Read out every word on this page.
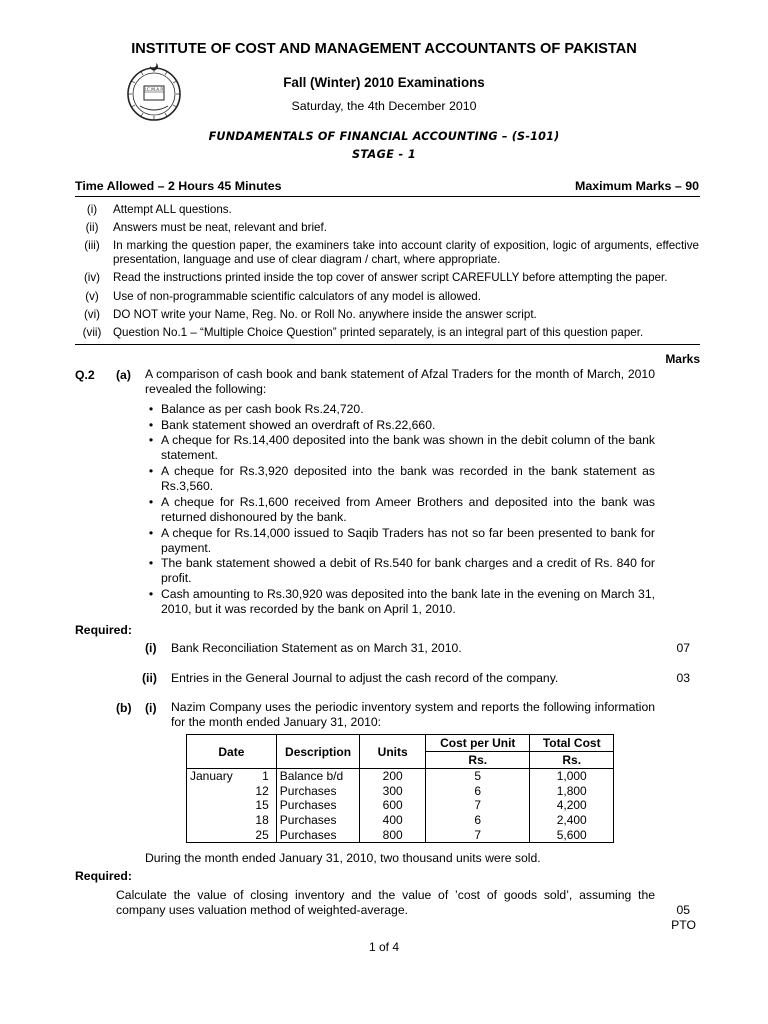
INSTITUTE OF COST AND MANAGEMENT ACCOUNTANTS OF PAKISTAN
I.C.M.A.P.	Fall (Winter) 2010 Examinations
Saturday, the 4th December 2010
FUNDAMENTALS OF FINANCIAL ACCOUNTING – (S-101)
STAGE - 1
Time Allowed – 2 Hours 45 Minutes	Maximum Marks – 90
(i)	Attempt ALL questions.
(ii)	Answers must be neat, relevant and brief.
(iii)	In marking the question paper, the examiners take into account clarity of exposition, logic of arguments, effective presentation, language and use of clear diagram / chart, where appropriate.
(iv)	Read the instructions printed inside the top cover of answer script CAREFULLY before attempting the paper.
(v)	Use of non-programmable scientific calculators of any model is allowed.
(vi)	DO NOT write your Name, Reg. No. or Roll No. anywhere inside the answer script.
(vii)	Question No.1 – “Multiple Choice Question” printed separately, is an integral part of this question paper.
Marks
Q.2 (a) A comparison of cash book and bank statement of Afzal Traders for the month of March, 2010 revealed the following:
• Balance as per cash book Rs.24,720.
• Bank statement showed an overdraft of Rs.22,660.
• A cheque for Rs.14,400 deposited into the bank was shown in the debit column of the bank statement.
• A cheque for Rs.3,920 deposited into the bank was recorded in the bank statement as Rs.3,560.
• A cheque for Rs.1,600 received from Ameer Brothers and deposited into the bank was returned dishonoured by the bank.
• A cheque for Rs.14,000 issued to Saqib Traders has not so far been presented to bank for payment.
• The bank statement showed a debit of Rs.540 for bank charges and a credit of Rs. 840 for profit.
• Cash amounting to Rs.30,920 was deposited into the bank late in the evening on March 31, 2010, but it was recorded by the bank on April 1, 2010.
Required:
(i) Bank Reconciliation Statement as on March 31, 2010.	07
(ii) Entries in the General Journal to adjust the cash record of the company.	03
(b) (i) Nazim Company uses the periodic inventory system and reports the following information for the month ended January 31, 2010:
Date	Description	Units	Cost per Unit	Total Cost
			Rs.	Rs.
January 1	Balance b/d	200	5	1,000

12	Purchases	300	6	1,800

15	Purchases	600	7	4,200

18	Purchases	400	6	2,400

25	Purchases	800	7	5,600
During the month ended January 31, 2010, two thousand units were sold.
Required:
Calculate the value of closing inventory and the value of ’cost of goods sold’, assuming the company uses valuation method of weighted-average.	05
PTO
1 of 4
